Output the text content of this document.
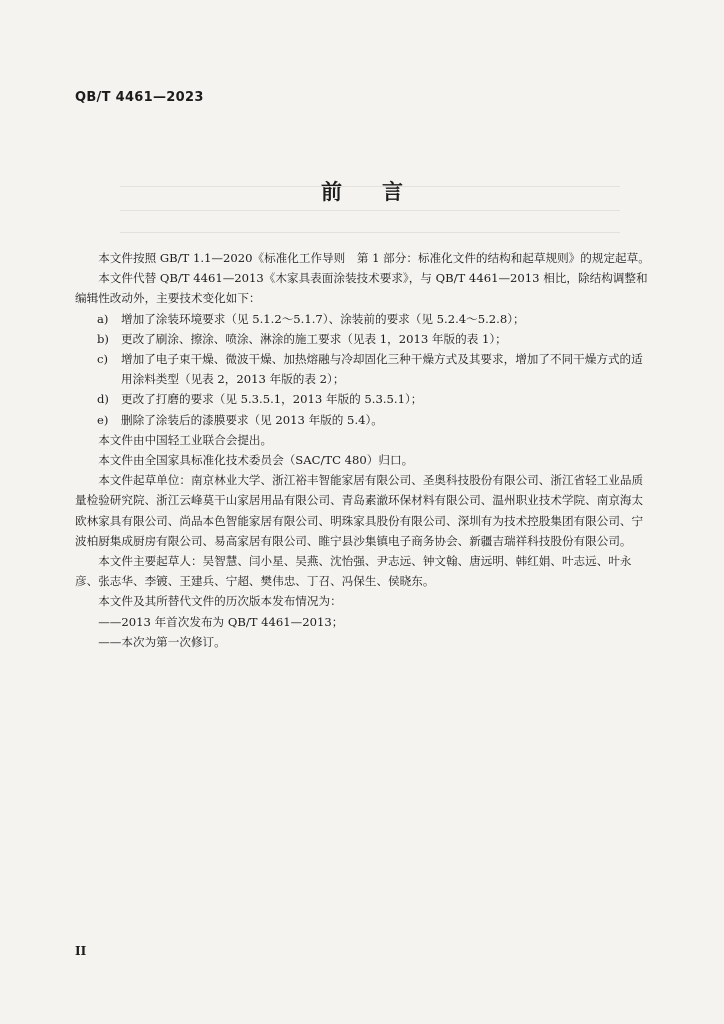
QB/T 4461—2023
前言

本文件按照 GB/T 1.1—2020《标准化工作导则　第 1 部分：标准化文件的结构和起草规则》的规定起草。

本文件代替 QB/T 4461—2013《木家具表面涂装技术要求》，与 QB/T 4461—2013 相比，除结构调整和编辑性改动外，主要技术变化如下：

a) 增加了涂装环境要求（见 5.1.2～5.1.7）、涂装前的要求（见 5.2.4～5.2.8）；

b) 更改了刷涂、擦涂、喷涂、淋涂的施工要求（见表 1，2013 年版的表 1）；

c) 增加了电子束干燥、微波干燥、加热熔融与冷却固化三种干燥方式及其要求，增加了不同干燥方式的适用涂料类型（见表 2，2013 年版的表 2）；

d) 更改了打磨的要求（见 5.3.5.1，2013 年版的 5.3.5.1）；

e) 删除了涂装后的漆膜要求（见 2013 年版的 5.4）。

本文件由中国轻工业联合会提出。

本文件由全国家具标准化技术委员会（SAC/TC 480）归口。

本文件起草单位：南京林业大学、浙江裕丰智能家居有限公司、圣奥科技股份有限公司、浙江省轻工业品质量检验研究院、浙江云峰莫干山家居用品有限公司、青岛素澈环保材料有限公司、温州职业技术学院、南京海太欧林家具有限公司、尚品本色智能家居有限公司、明珠家具股份有限公司、深圳有为技术控股集团有限公司、宁波柏厨集成厨房有限公司、易高家居有限公司、睢宁县沙集镇电子商务协会、新疆吉瑞祥科技股份有限公司。

本文件主要起草人：吴智慧、闫小星、吴燕、沈怡强、尹志远、钟文翰、唐远明、韩红娟、叶志远、叶永彦、张志华、李镀、王建兵、宁超、樊伟忠、丁召、冯保生、侯晓东。

本文件及其所替代文件的历次版本发布情况为：

——2013 年首次发布为 QB/T 4461—2013；

——本次为第一次修订。

II
